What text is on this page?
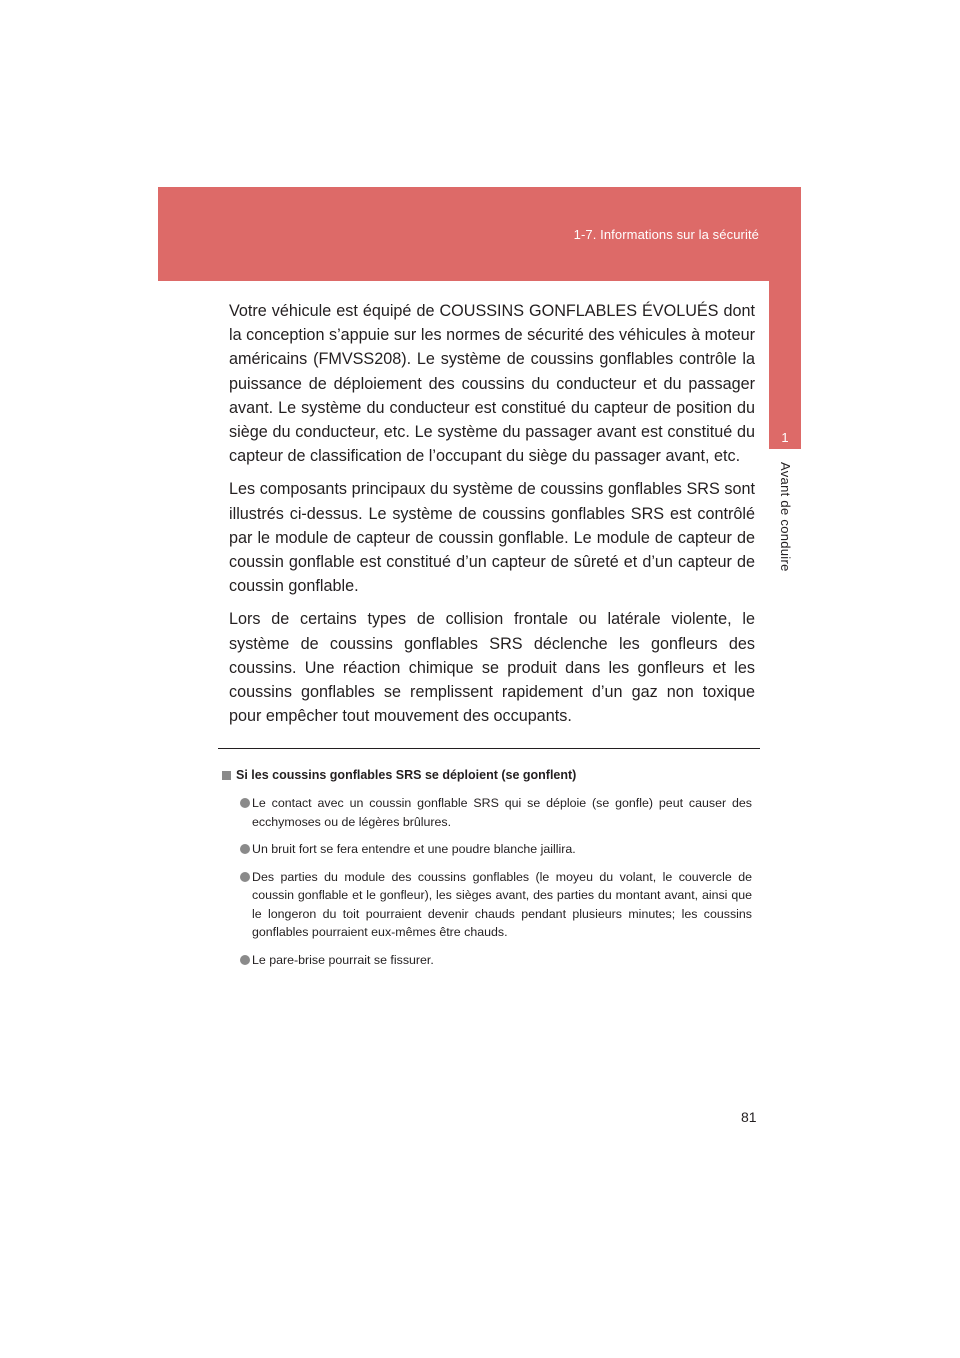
1-7. Informations sur la sécurité
1
Avant de conduire

Votre véhicule est équipé de COUSSINS GONFLABLES ÉVOLUÉS dont la conception s’appuie sur les normes de sécurité des véhicules à moteur américains (FMVSS208). Le système de coussins gonflables contrôle la puissance de déploiement des coussins du conducteur et du passager avant. Le système du conducteur est constitué du capteur de position du siège du conducteur, etc. Le système du passager avant est constitué du capteur de classification de l’occupant du siège du passager avant, etc.

Les composants principaux du système de coussins gonflables SRS sont illustrés ci-dessus. Le système de coussins gonflables SRS est contrôlé par le module de capteur de coussin gonflable. Le module de capteur de coussin gonflable est constitué d’un capteur de sûreté et d’un capteur de coussin gonflable.

Lors de certains types de collision frontale ou latérale violente, le système de coussins gonflables SRS déclenche les gonfleurs des coussins. Une réaction chimique se produit dans les gonfleurs et les coussins gonflables se remplissent rapidement d’un gaz non toxique pour empêcher tout mouvement des occupants.

Si les coussins gonflables SRS se déploient (se gonflent)
Le contact avec un coussin gonflable SRS qui se déploie (se gonfle) peut causer des ecchymoses ou de légères brûlures.
Un bruit fort se fera entendre et une poudre blanche jaillira.
Des parties du module des coussins gonflables (le moyeu du volant, le couvercle de coussin gonflable et le gonfleur), les sièges avant, des parties du montant avant, ainsi que le longeron du toit pourraient devenir chauds pendant plusieurs minutes; les coussins gonflables pourraient eux-mêmes être chauds.
Le pare-brise pourrait se fissurer.
81
